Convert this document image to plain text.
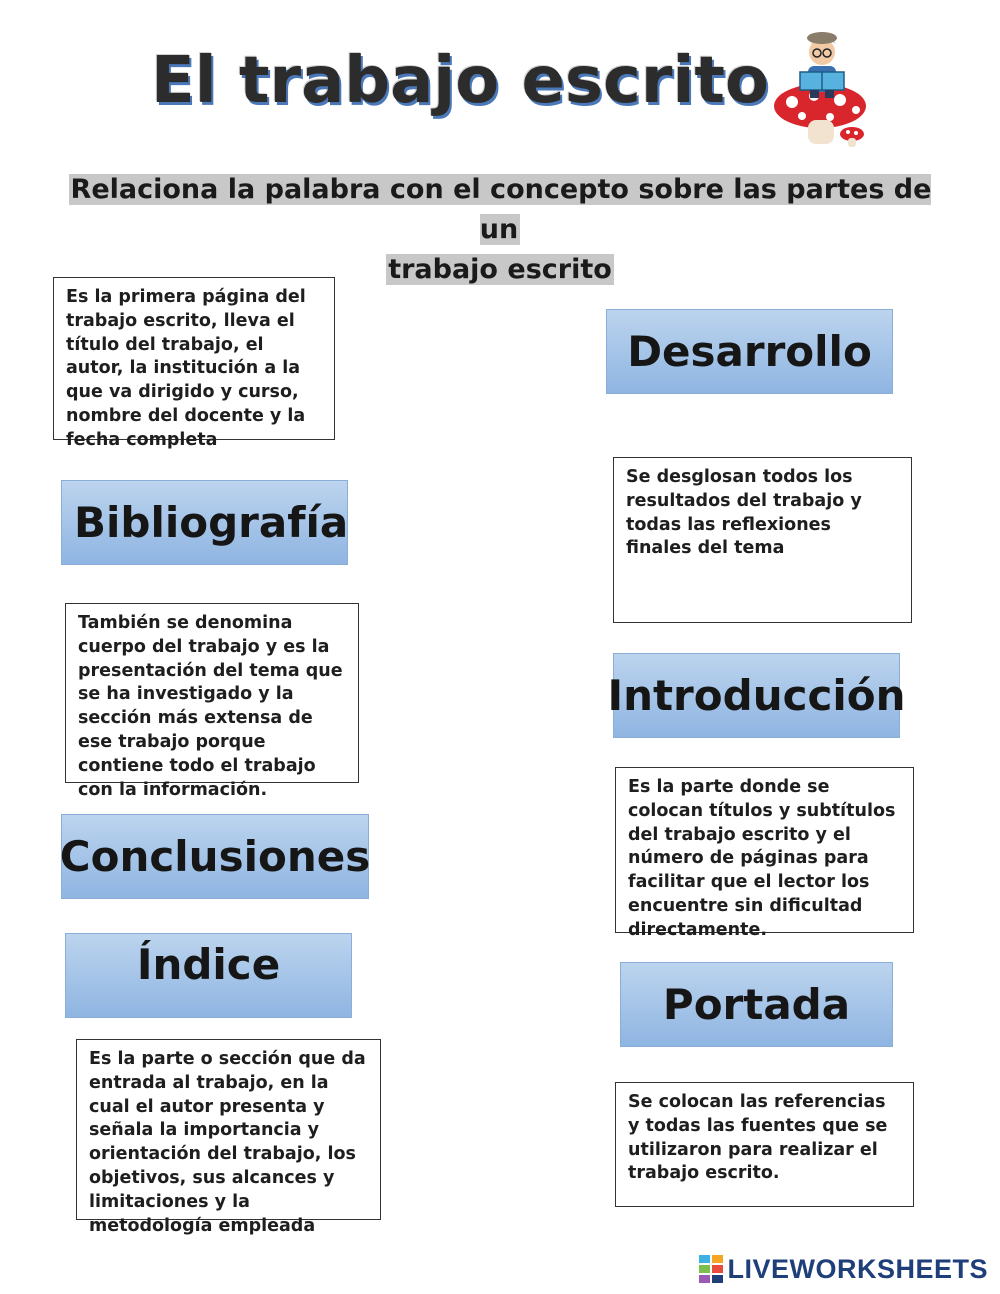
El trabajo escrito
Relaciona la palabra con el concepto sobre las partes de un
trabajo escrito
Es la primera página del trabajo escrito, lleva el título del trabajo, el autor, la institución a la que va dirigido y curso, nombre del docente y la fecha completa
Se desglosan todos los resultados del trabajo y todas las reflexiones finales del tema
También se denomina cuerpo del trabajo y es la presentación del tema que se ha investigado y la sección más extensa de ese trabajo porque contiene todo el trabajo con la información.	Es la parte donde se colocan títulos y subtítulos del trabajo escrito y el número de páginas para facilitar que el lector los encuentre sin dificultad directamente.
Es la parte o sección que da entrada al trabajo, en la cual el autor presenta y señala la importancia y orientación del trabajo, los objetivos, sus alcances y limitaciones y la metodología empleada
Se colocan las referencias y todas las fuentes que se utilizaron para realizar el trabajo escrito.
Desarrollo
Bibliografía
Introducción
Conclusiones
Índice
Portada
LIVEWORKSHEETS
